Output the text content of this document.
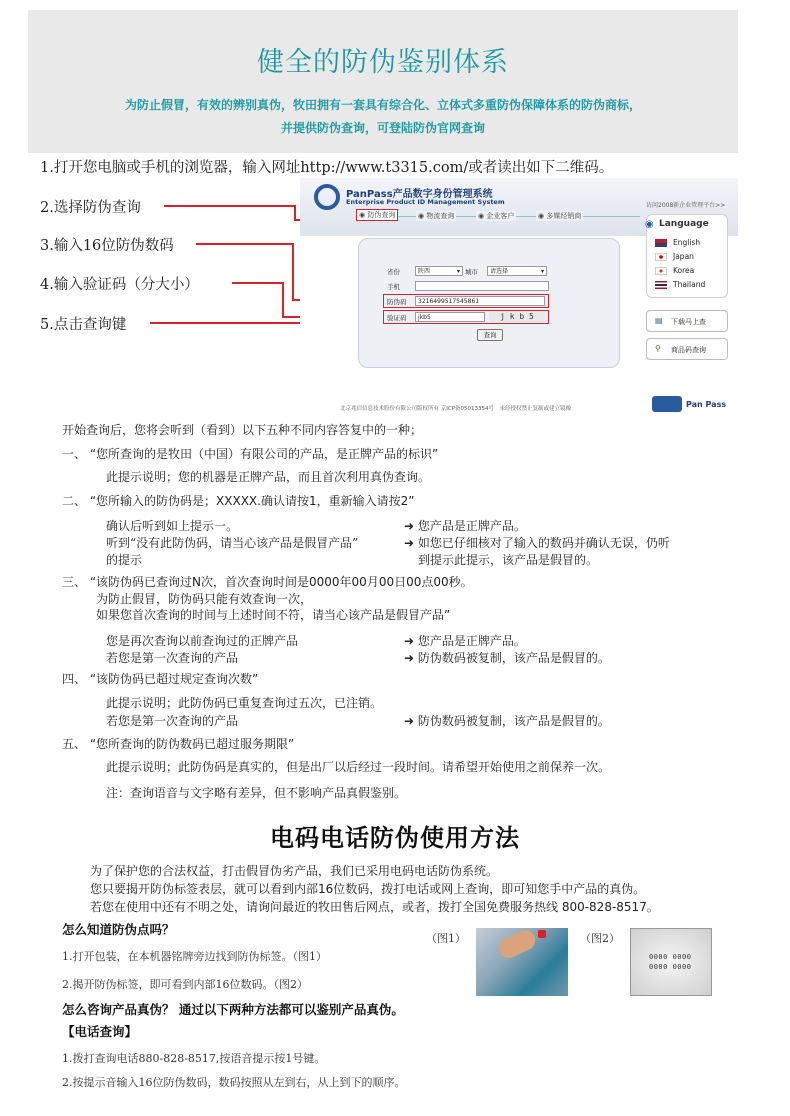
健全的防伪鉴别体系
为防止假冒，有效的辨别真伪，牧田拥有一套具有综合化、立体式多重防伪保障体系的防伪商标，
并提供防伪查询，可登陆防伪官网查询
1.打开您电脑或手机的浏览器，输入网址http://www.t3315.com/或者读出如下二维码。
2.选择防伪查询
3.输入16位防伪数码
4.输入验证码（分大小）
5.点击查询键
PanPass产品数字身份管理系统
Enterprise Product ID Management System	访问2008新企业管理平台>>
◉ 防伪查询	◉ 物流查询	◉ 企业客户	◉ 多媒经销商
◉ Language
English
Japan
Korea
Thailand
▤ 下载马上查
⚲ 商品码查询
省份	陕西	▾ 城市	请选择	▾
手机
防伪码	3216499517545861
验证码	jkb5	j k b 5
查询
北京兆信信息技术股份有限公司版权所有 京ICP备05013354号　未经授权禁止复制或建立镜像	Pan Pass
开始查询后，您将会听到（看到）以下五种不同内容答复中的一种；
一、 “您所查询的是牧田（中国）有限公司的产品，是正牌产品的标识”
此提示说明；您的机器是正牌产品，而且首次利用真伪查询。
二、 “您所输入的防伪码是；XXXXX.确认请按1，重新输入请按2”
确认后听到如上提示一。	➜ 您产品是正牌产品。
听到“没有此防伪码，请当心该产品是假冒产品”
的提示
➜ 如您已仔细核对了输入的数码并确认无误，仍听
到提示此提示，该产品是假冒的。
三、 “该防伪码已查询过N次，首次查询时间是0000年00月00日00点00秒。
为防止假冒，防伪码只能有效查询一次，
如果您首次查询的时间与上述时间不符，请当心该产品是假冒产品”
您是再次查询以前查询过的正牌产品	➜ 您产品是正牌产品。
若您是第一次查询的产品	➜ 防伪数码被复制，该产品是假冒的。
四、 “该防伪码已超过规定查询次数”
此提示说明；此防伪码已重复查询过五次，已注销。
若您是第一次查询的产品	➜ 防伪数码被复制，该产品是假冒的。
五、 “您所查询的防伪数码已超过服务期限”
此提示说明；此防伪码是真实的，但是出厂以后经过一段时间。请希望开始使用之前保养一次。
注：查询语音与文字略有差异，但不影响产品真假鉴别。
电码电话防伪使用方法
为了保护您的合法权益，打击假冒伪劣产品，我们已采用电码电话防伪系统。
您只要揭开防伪标签表层，就可以看到内部16位数码，拨打电话或网上查询，即可知您手中产品的真伪。
若您在使用中还有不明之处，请询问最近的牧田售后网点，或者，拨打全国免费服务热线 800-828-8517。
怎么知道防伪点吗？
1.打开包装，在本机器铭牌旁边找到防伪标签。（图1）
2.揭开防伪标签，即可看到内部16位数码。（图2）
（图1）	（图2）
0000 0000
0000 0000
怎么咨询产品真伪？ 通过以下两种方法都可以鉴别产品真伪。
【电话查询】
1.拨打查询电话880-828-8517,按语音提示按1号键。
2.按提示音输入16位防伪数码，数码按照从左到右，从上到下的顺序。
